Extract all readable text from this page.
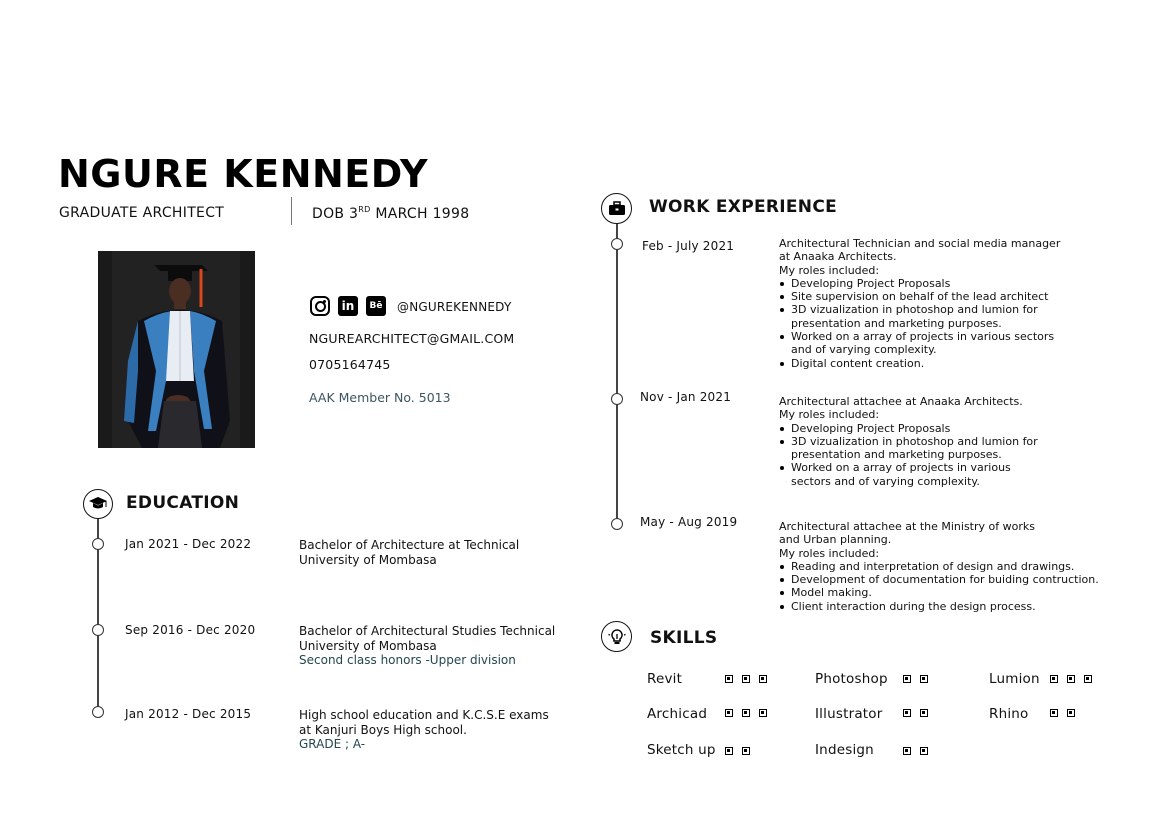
NGURE KENNEDY
GRADUATE ARCHITECT	DOB 3RD MARCH 1998
in	Bē @NGUREKENNEDY
NGUREARCHITECT@GMAIL.COM
0705164745
AAK Member No. 5013
EDUCATION
Jan 2021 - Dec 2022	Bachelor of Architecture at Technical
University of Mombasa
Sep 2016 - Dec 2020	Bachelor of Architectural Studies Technical
University of Mombasa
Second class honors -Upper division
Jan 2012 - Dec 2015	High school education and K.C.S.E exams
at Kanjuri Boys High school.
GRADE ; A-
WORK EXPERIENCE
Feb - July 2021	Architectural Technician and social media manager
at Anaaka Architects.
My roles included:
Developing Project Proposals
Site supervision on behalf of the lead architect
3D vizualization in photoshop and lumion for
presentation and marketing purposes.
Worked on a array of projects in various sectors
and of varying complexity.
Digital content creation.
Nov - Jan 2021	Architectural attachee at Anaaka Architects.
My roles included:
Developing Project Proposals
3D vizualization in photoshop and lumion for
presentation and marketing purposes.
Worked on a array of projects in various
sectors and of varying complexity.
May - Aug 2019	Architectural attachee at the Ministry of works
and Urban planning.
My roles included:
Reading and interpretation of design and drawings.
Development of documentation for buiding contruction.
Model making.
Client interaction during the design process.
SKILLS
Revit	Photoshop	Lumion
Archicad	Illustrator	Rhino
Sketch up	Indesign
